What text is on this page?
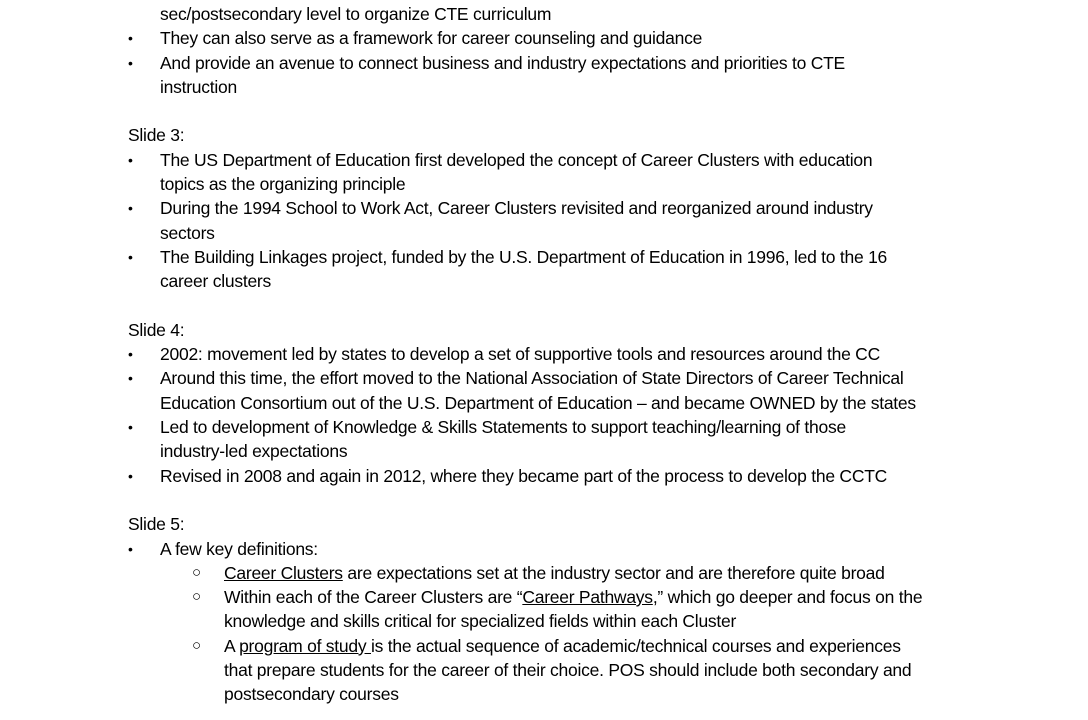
sec/postsecondary level to organize CTE curriculum

•	They can also serve as a framework for career counseling and guidance
•	And provide an avenue to connect business and industry expectations and priorities to CTE
instruction

Slide 3:

•	The US Department of Education first developed the concept of Career Clusters with education
topics as the organizing principle
•	During the 1994 School to Work Act, Career Clusters revisited and reorganized around industry
sectors
•	The Building Linkages project, funded by the U.S. Department of Education in 1996, led to the 16
career clusters

Slide 4:

•	2002: movement led by states to develop a set of supportive tools and resources around the CC
•	Around this time, the effort moved to the National Association of State Directors of Career Technical
Education Consortium out of the U.S. Department of Education – and became OWNED by the states
•	Led to development of Knowledge & Skills Statements to support teaching/learning of those
industry-led expectations
•	Revised in 2008 and again in 2012, where they became part of the process to develop the CCTC

Slide 5:

•	A few key definitions:
○ Career Clusters are expectations set at the industry sector and are therefore quite broad
○ Within each of the Career Clusters are “Career Pathways,” which go deeper and focus on the
knowledge and skills critical for specialized fields within each Cluster
○ A program of study is the actual sequence of academic/technical courses and experiences
that prepare students for the career of their choice. POS should include both secondary and
postsecondary courses
